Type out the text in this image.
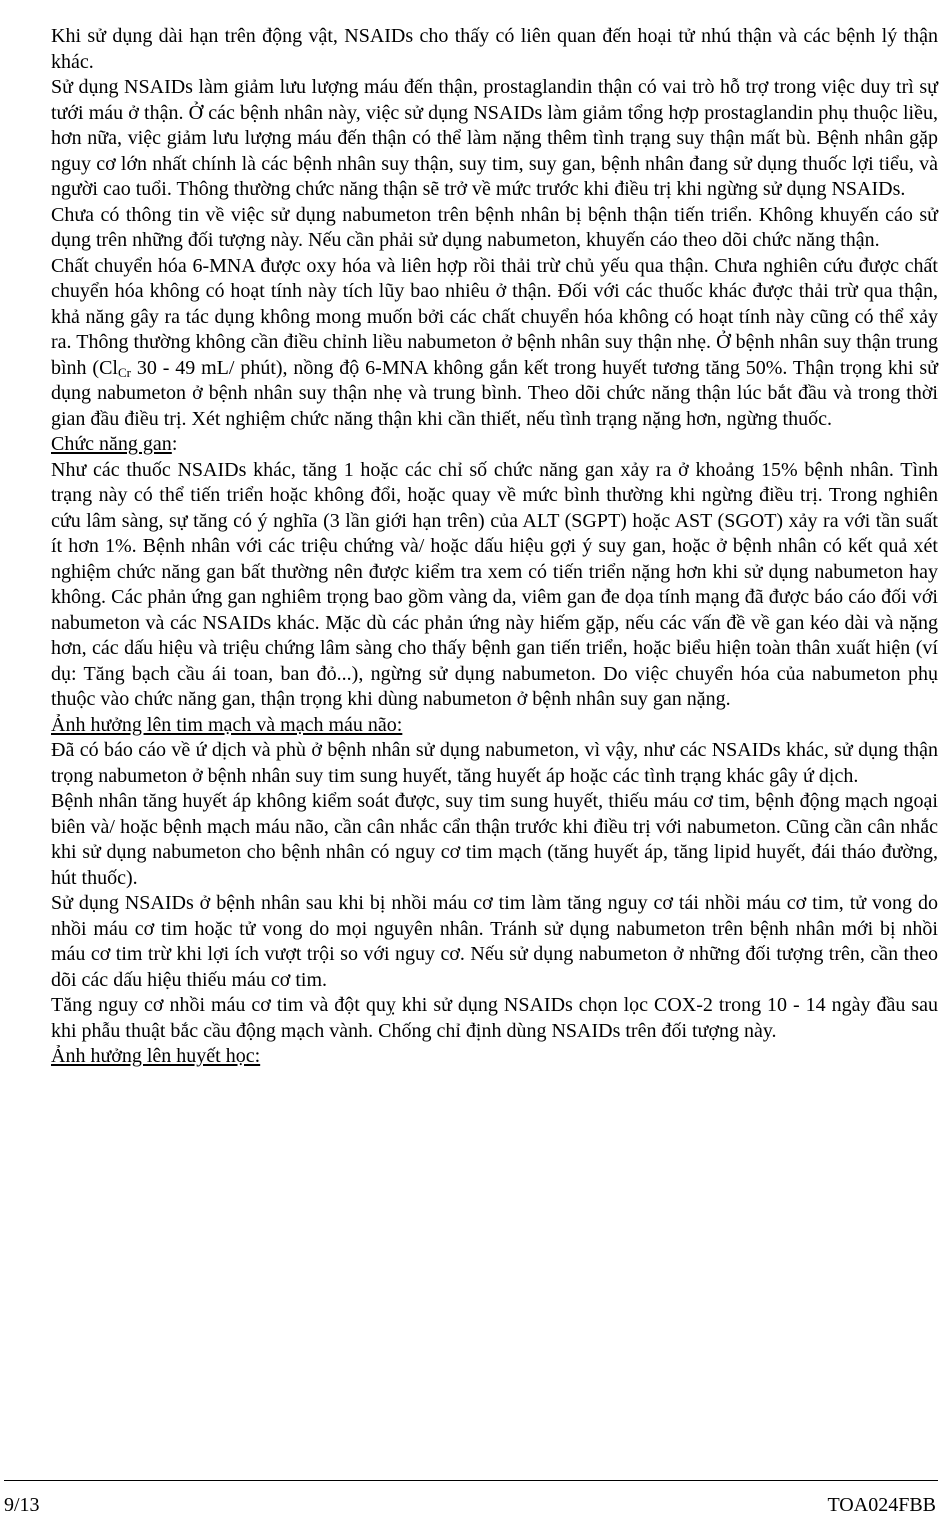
Khi sử dụng dài hạn trên động vật, NSAIDs cho thấy có liên quan đến hoại tử nhú thận và các bệnh lý thận khác.

Sử dụng NSAIDs làm giảm lưu lượng máu đến thận, prostaglandin thận có vai trò hỗ trợ trong việc duy trì sự tưới máu ở thận. Ở các bệnh nhân này, việc sử dụng NSAIDs làm giảm tổng hợp prostaglandin phụ thuộc liều, hơn nữa, việc giảm lưu lượng máu đến thận có thể làm nặng thêm tình trạng suy thận mất bù. Bệnh nhân gặp nguy cơ lớn nhất chính là các bệnh nhân suy thận, suy tim, suy gan, bệnh nhân đang sử dụng thuốc lợi tiểu, và người cao tuổi. Thông thường chức năng thận sẽ trở về mức trước khi điều trị khi ngừng sử dụng NSAIDs.

Chưa có thông tin về việc sử dụng nabumeton trên bệnh nhân bị bệnh thận tiến triển. Không khuyến cáo sử dụng trên những đối tượng này. Nếu cần phải sử dụng nabumeton, khuyến cáo theo dõi chức năng thận.

Chất chuyển hóa 6-MNA được oxy hóa và liên hợp rồi thải trừ chủ yếu qua thận. Chưa nghiên cứu được chất chuyển hóa không có hoạt tính này tích lũy bao nhiêu ở thận. Đối với các thuốc khác được thải trừ qua thận, khả năng gây ra tác dụng không mong muốn bởi các chất chuyển hóa không có hoạt tính này cũng có thể xảy ra. Thông thường không cần điều chỉnh liều nabumeton ở bệnh nhân suy thận nhẹ. Ở bệnh nhân suy thận trung bình ($Cl_{Cr}$ 30 - 49 mL/ phút), nồng độ 6-MNA không gắn kết trong huyết tương tăng 50%. Thận trọng khi sử dụng nabumeton ở bệnh nhân suy thận nhẹ và trung bình. Theo dõi chức năng thận lúc bắt đầu và trong thời gian đầu điều trị. Xét nghiệm chức năng thận khi cần thiết, nếu tình trạng nặng hơn, ngừng thuốc.

Chức năng gan:

Như các thuốc NSAIDs khác, tăng 1 hoặc các chỉ số chức năng gan xảy ra ở khoảng 15% bệnh nhân. Tình trạng này có thể tiến triển hoặc không đổi, hoặc quay về mức bình thường khi ngừng điều trị. Trong nghiên cứu lâm sàng, sự tăng có ý nghĩa (3 lần giới hạn trên) của ALT (SGPT) hoặc AST (SGOT) xảy ra với tần suất ít hơn 1%. Bệnh nhân với các triệu chứng và/ hoặc dấu hiệu gợi ý suy gan, hoặc ở bệnh nhân có kết quả xét nghiệm chức năng gan bất thường nên được kiểm tra xem có tiến triển nặng hơn khi sử dụng nabumeton hay không. Các phản ứng gan nghiêm trọng bao gồm vàng da, viêm gan đe dọa tính mạng đã được báo cáo đối với nabumeton và các NSAIDs khác. Mặc dù các phản ứng này hiếm gặp, nếu các vấn đề về gan kéo dài và nặng hơn, các dấu hiệu và triệu chứng lâm sàng cho thấy bệnh gan tiến triển, hoặc biểu hiện toàn thân xuất hiện (ví dụ: Tăng bạch cầu ái toan, ban đỏ...), ngừng sử dụng nabumeton. Do việc chuyển hóa của nabumeton phụ thuộc vào chức năng gan, thận trọng khi dùng nabumeton ở bệnh nhân suy gan nặng.

Ảnh hưởng lên tim mạch và mạch máu não:

Đã có báo cáo về ứ dịch và phù ở bệnh nhân sử dụng nabumeton, vì vậy, như các NSAIDs khác, sử dụng thận trọng nabumeton ở bệnh nhân suy tim sung huyết, tăng huyết áp hoặc các tình trạng khác gây ứ dịch.

Bệnh nhân tăng huyết áp không kiểm soát được, suy tim sung huyết, thiếu máu cơ tim, bệnh động mạch ngoại biên và/ hoặc bệnh mạch máu não, cần cân nhắc cẩn thận trước khi điều trị với nabumeton. Cũng cần cân nhắc khi sử dụng nabumeton cho bệnh nhân có nguy cơ tim mạch (tăng huyết áp, tăng lipid huyết, đái tháo đường, hút thuốc).

Sử dụng NSAIDs ở bệnh nhân sau khi bị nhồi máu cơ tim làm tăng nguy cơ tái nhồi máu cơ tim, tử vong do nhồi máu cơ tim hoặc tử vong do mọi nguyên nhân. Tránh sử dụng nabumeton trên bệnh nhân mới bị nhồi máu cơ tim trừ khi lợi ích vượt trội so với nguy cơ. Nếu sử dụng nabumeton ở những đối tượng trên, cần theo dõi các dấu hiệu thiếu máu cơ tim.

Tăng nguy cơ nhồi máu cơ tim và đột quỵ khi sử dụng NSAIDs chọn lọc COX-2 trong 10 - 14 ngày đầu sau khi phẫu thuật bắc cầu động mạch vành. Chống chỉ định dùng NSAIDs trên đối tượng này.

Ảnh hưởng lên huyết học:

9/13	TOA024FBB
